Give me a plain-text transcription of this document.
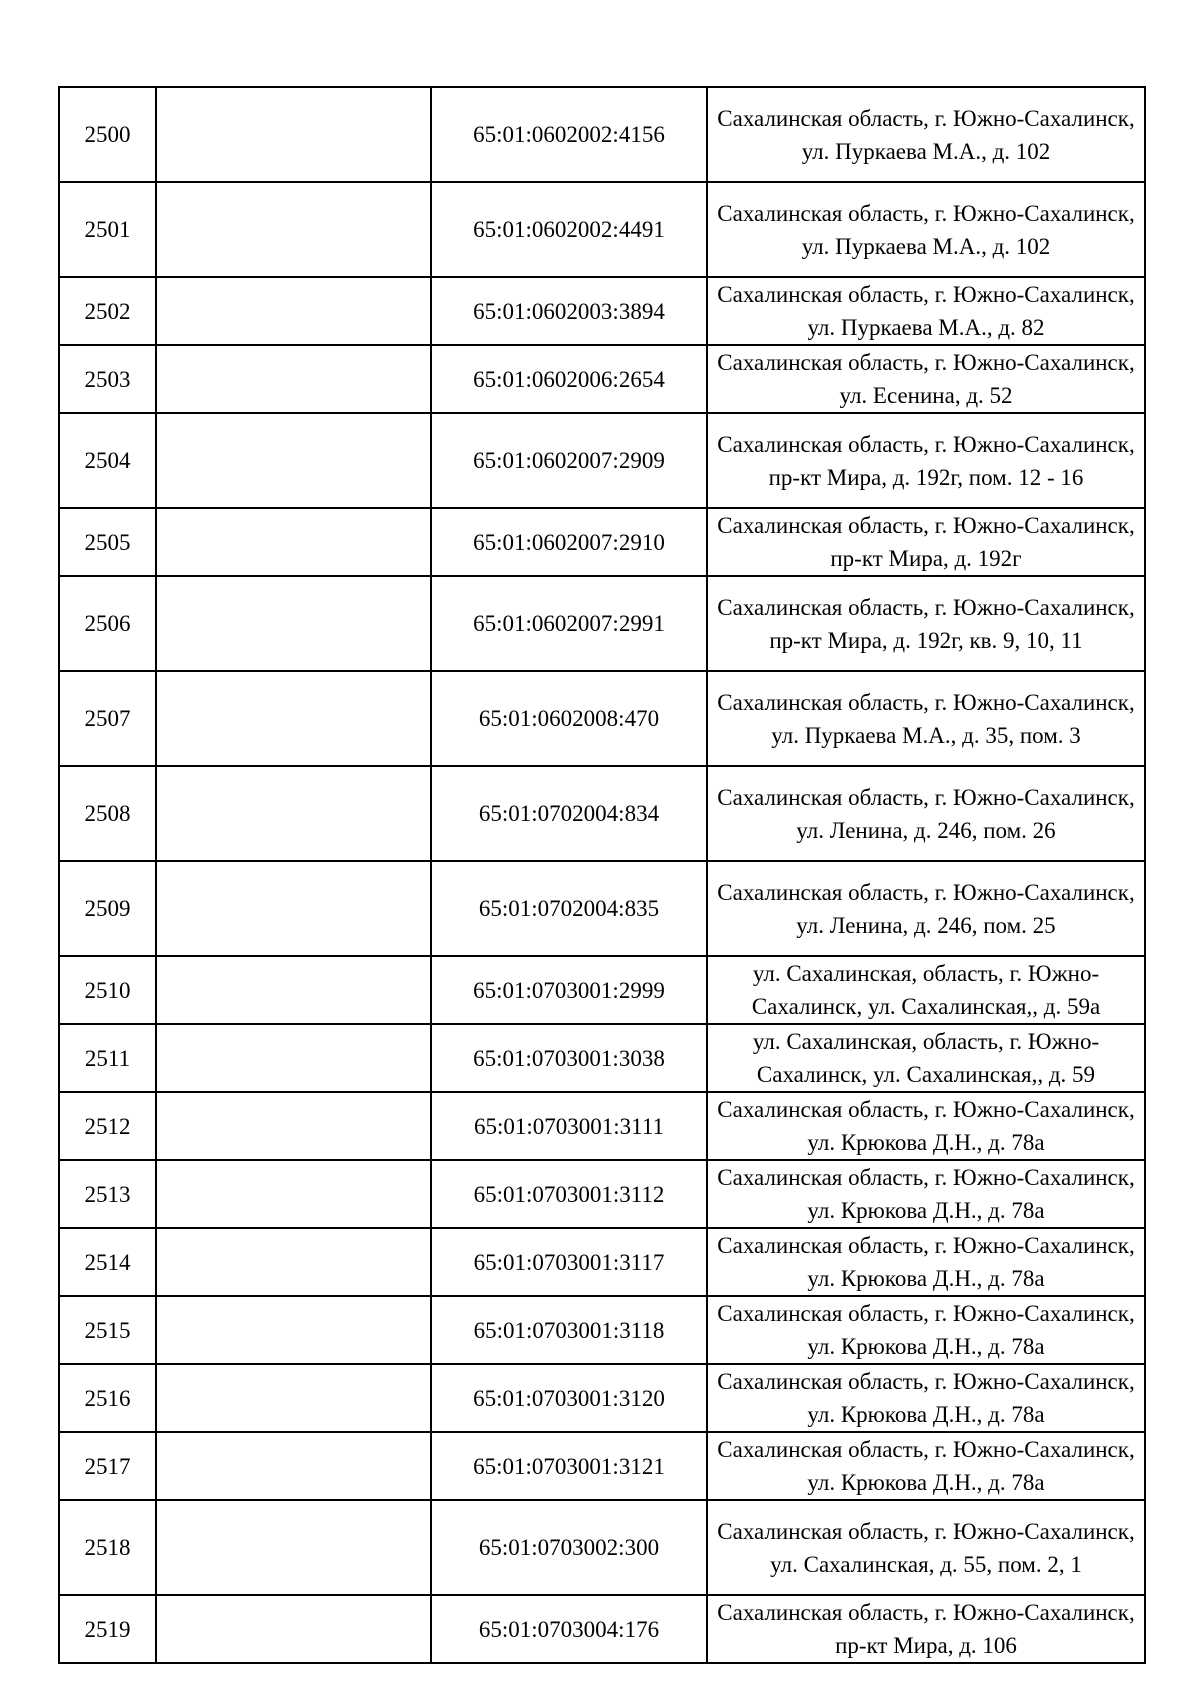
2500		65:01:0602002:4156	Сахалинская область, г. Южно-Сахалинск, ул. Пуркаева М.А., д. 102
2501		65:01:0602002:4491	Сахалинская область, г. Южно-Сахалинск, ул. Пуркаева М.А., д. 102
2502		65:01:0602003:3894	Сахалинская область, г. Южно-Сахалинск, ул. Пуркаева М.А., д. 82
2503		65:01:0602006:2654	Сахалинская область, г. Южно-Сахалинск, ул. Есенина, д. 52
2504		65:01:0602007:2909	Сахалинская область, г. Южно-Сахалинск, пр-кт Мира, д. 192г, пом. 12 - 16
2505		65:01:0602007:2910	Сахалинская область, г. Южно-Сахалинск, пр-кт Мира, д. 192г
2506		65:01:0602007:2991	Сахалинская область, г. Южно-Сахалинск, пр-кт Мира, д. 192г, кв. 9, 10, 11
2507		65:01:0602008:470	Сахалинская область, г. Южно-Сахалинск, ул. Пуркаева М.А., д. 35, пом. 3
2508		65:01:0702004:834	Сахалинская область, г. Южно-Сахалинск, ул. Ленина, д. 246, пом. 26
2509		65:01:0702004:835	Сахалинская область, г. Южно-Сахалинск, ул. Ленина, д. 246, пом. 25
2510		65:01:0703001:2999	ул. Сахалинская, область, г. Южно-Сахалинск, ул. Сахалинская,, д. 59а
2511		65:01:0703001:3038	ул. Сахалинская, область, г. Южно-Сахалинск, ул. Сахалинская,, д. 59
2512		65:01:0703001:3111	Сахалинская область, г. Южно-Сахалинск, ул. Крюкова Д.Н., д. 78а
2513		65:01:0703001:3112	Сахалинская область, г. Южно-Сахалинск, ул. Крюкова Д.Н., д. 78а
2514		65:01:0703001:3117	Сахалинская область, г. Южно-Сахалинск, ул. Крюкова Д.Н., д. 78а
2515		65:01:0703001:3118	Сахалинская область, г. Южно-Сахалинск, ул. Крюкова Д.Н., д. 78а
2516		65:01:0703001:3120	Сахалинская область, г. Южно-Сахалинск, ул. Крюкова Д.Н., д. 78а
2517		65:01:0703001:3121	Сахалинская область, г. Южно-Сахалинск, ул. Крюкова Д.Н., д. 78а
2518		65:01:0703002:300	Сахалинская область, г. Южно-Сахалинск, ул. Сахалинская, д. 55, пом. 2, 1
2519		65:01:0703004:176	Сахалинская область, г. Южно-Сахалинск, пр-кт Мира, д. 106
